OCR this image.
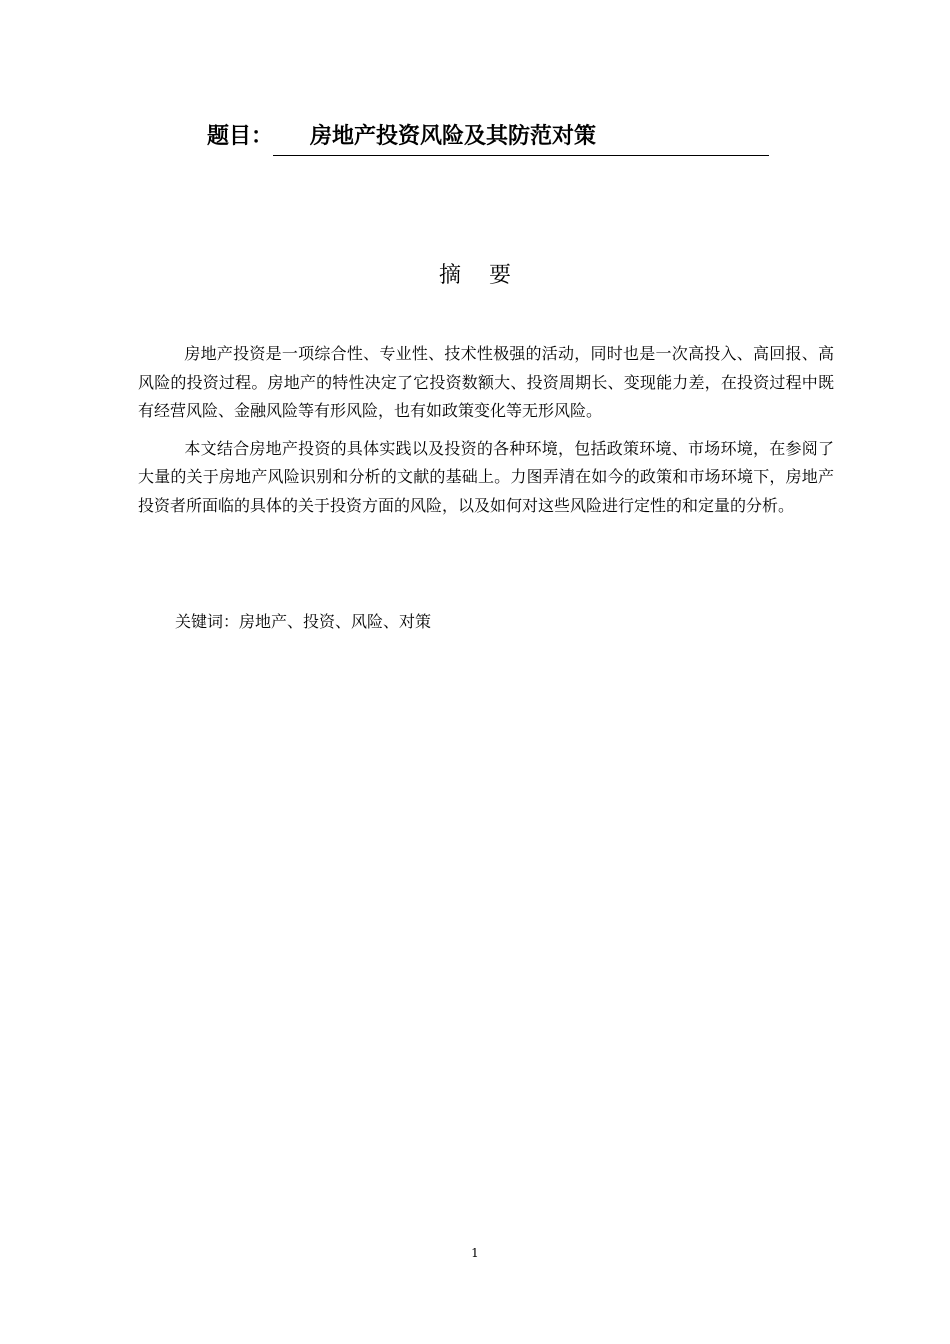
题目：	房地产投资风险及其防范对策
摘要

房地产投资是一项综合性、专业性、技术性极强的活动，同时也是一次高投入、高回报、高风险的投资过程。房地产的特性决定了它投资数额大、投资周期长、变现能力差，在投资过程中既有经营风险、金融风险等有形风险，也有如政策变化等无形风险。

本文结合房地产投资的具体实践以及投资的各种环境，包括政策环境、市场环境，在参阅了大量的关于房地产风险识别和分析的文献的基础上。力图弄清在如今的政策和市场环境下，房地产投资者所面临的具体的关于投资方面的风险，以及如何对这些风险进行定性的和定量的分析。

关键词：房地产、投资、风险、对策
1
